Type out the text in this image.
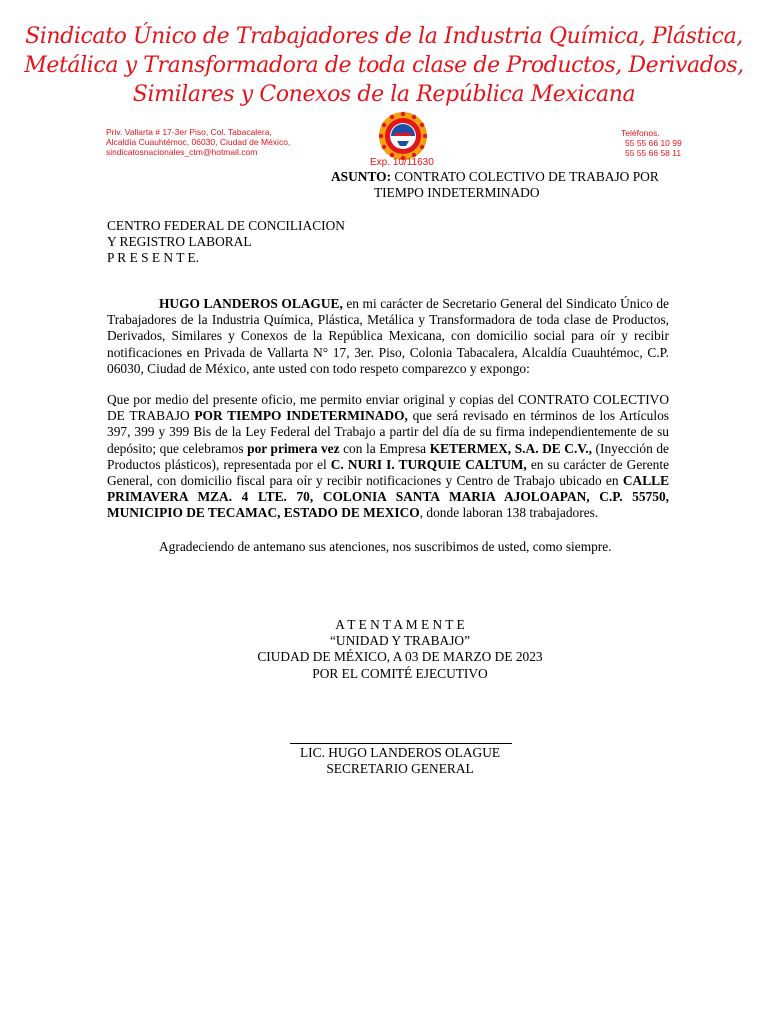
Sindicato Único de Trabajadores de la Industria Química, Plástica,
Metálica y Transformadora de toda clase de Productos, Derivados,
Similares y Conexos de la República Mexicana
Priv. Vallarta # 17-3er Piso, Col. Tabacalera,
Alcaldía Cuauhtémoc, 06030, Ciudad de México,
sindicatosnacionales_ctm@hotmail.com
Teléfonos.
55 55 66 10 99
55 55 66 58 11
Exp. 10/11630
ASUNTO: CONTRATO COLECTIVO DE TRABAJO POR
TIEMPO INDETERMINADO
CENTRO FEDERAL DE CONCILIACION
Y REGISTRO LABORAL
P R E S E N T E.
HUGO LANDEROS OLAGUE, en mi carácter de Secretario General del Sindicato Único de Trabajadores de la Industria Química, Plástica, Metálica y Transformadora de toda clase de Productos, Derivados, Similares y Conexos de la República Mexicana, con domicilio social para oír y recibir notificaciones en Privada de Vallarta N° 17, 3er. Piso, Colonia Tabacalera, Alcaldía Cuauhtémoc, C.P. 06030, Ciudad de México, ante usted con todo respeto comparezco y expongo:
Que por medio del presente oficio, me permito enviar original y copias del CONTRATO COLECTIVO DE TRABAJO POR TIEMPO INDETERMINADO, que será revisado en términos de los Artículos 397, 399 y 399 Bis de la Ley Federal del Trabajo a partir del día de su firma independientemente de su depósito; que celebramos por primera vez con la Empresa KETERMEX, S.A. DE C.V., (Inyección de Productos plásticos), representada por el C. NURI I. TURQUIE CALTUM, en su carácter de Gerente General, con domicilio fiscal para oír y recibir notificaciones y Centro de Trabajo ubicado en CALLE PRIMAVERA MZA. 4 LTE. 70, COLONIA SANTA MARIA AJOLOAPAN, C.P. 55750, MUNICIPIO DE TECAMAC, ESTADO DE MEXICO, donde laboran 138 trabajadores.
Agradeciendo de antemano sus atenciones, nos suscribimos de usted, como siempre.
A T E N T A M E N T E
“UNIDAD Y TRABAJO”
CIUDAD DE MÉXICO, A 03 DE MARZO DE 2023
POR EL COMITÉ EJECUTIVO
LIC. HUGO LANDEROS OLAGUE
SECRETARIO GENERAL
